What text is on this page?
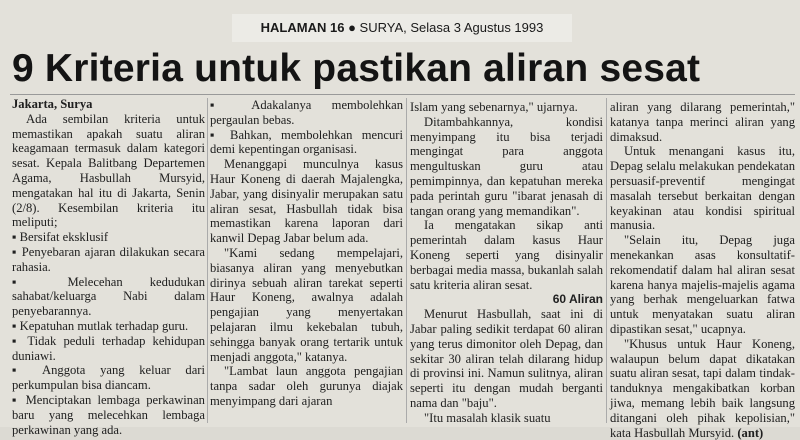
HALAMAN 16 ● SURYA, Selasa 3 Agustus 1993
9 Kriteria untuk pastikan aliran sesat

Jakarta, Surya

Ada sembilan kriteria untuk memastikan apakah suatu aliran keagamaan termasuk dalam kategori sesat. Kepala Balitbang Departemen Agama, Hasbullah Mursyid, mengatakan hal itu di Jakarta, Senin (2/8). Kesembilan kriteria itu meliputi;

▪ Bersifat eksklusif

▪ Penyebaran ajaran dilakukan secara rahasia.

▪ Melecehan kedudukan sahabat/keluarga Nabi dalam penyebarannya.

▪ Kepatuhan mutlak terhadap guru.

▪ Tidak peduli terhadap kehidupan duniawi.

▪ Anggota yang keluar dari perkumpulan bisa diancam.

▪ Menciptakan lembaga perkawinan baru yang melecehkan lembaga perkawinan yang ada.

▪ Adakalanya membolehkan pergaulan bebas.

▪ Bahkan, membolehkan mencuri demi kepentingan organisasi.

Menanggapi munculnya kasus Haur Koneng di daerah Majalengka, Jabar, yang disinyalir merupakan satu aliran sesat, Hasbullah tidak bisa memastikan karena laporan dari kanwil Depag Jabar belum ada.

"Kami sedang mempelajari, biasanya aliran yang menyebutkan dirinya sebuah aliran tarekat seperti Haur Koneng, awalnya adalah pengajian yang menyertakan pelajaran ilmu kekebalan tubuh, sehingga banyak orang tertarik untuk menjadi anggota," katanya.

"Lambat laun anggota pengajian tanpa sadar oleh gurunya diajak menyimpang dari ajaran

Islam yang sebenarnya," ujarnya.

Ditambahkannya, kondisi menyimpang itu bisa terjadi mengingat para anggota mengultuskan guru atau pemimpinnya, dan kepatuhan mereka pada perintah guru "ibarat jenasah di tangan orang yang memandikan".

Ia mengatakan sikap anti pemerintah dalam kasus Haur Koneng seperti yang disinyalir berbagai media massa, bukanlah salah satu kriteria aliran sesat.

60 Aliran

Menurut Hasbullah, saat ini di Jabar paling sedikit terdapat 60 aliran yang terus dimonitor oleh Depag, dan sekitar 30 aliran telah dilarang hidup di provinsi ini. Namun sulitnya, aliran seperti itu dengan mudah berganti nama dan "baju".

"Itu masalah klasik suatu

aliran yang dilarang pemerintah," katanya tanpa merinci aliran yang dimaksud.

Untuk menangani kasus itu, Depag selalu melakukan pendekatan persuasif-preventif mengingat masalah tersebut berkaitan dengan keyakinan atau kondisi spiritual manusia.

"Selain itu, Depag juga menekankan asas konsultatif-rekomendatif dalam hal aliran sesat karena hanya majelis-majelis agama yang berhak mengeluarkan fatwa untuk menyatakan suatu aliran dipastikan sesat," ucapnya.

"Khusus untuk Haur Koneng, walaupun belum dapat dikatakan suatu aliran sesat, tapi dalam tindak-tanduknya mengakibatkan korban jiwa, memang lebih baik langsung ditangani oleh pihak kepolisian," kata Hasbullah Mursyid. (ant)
